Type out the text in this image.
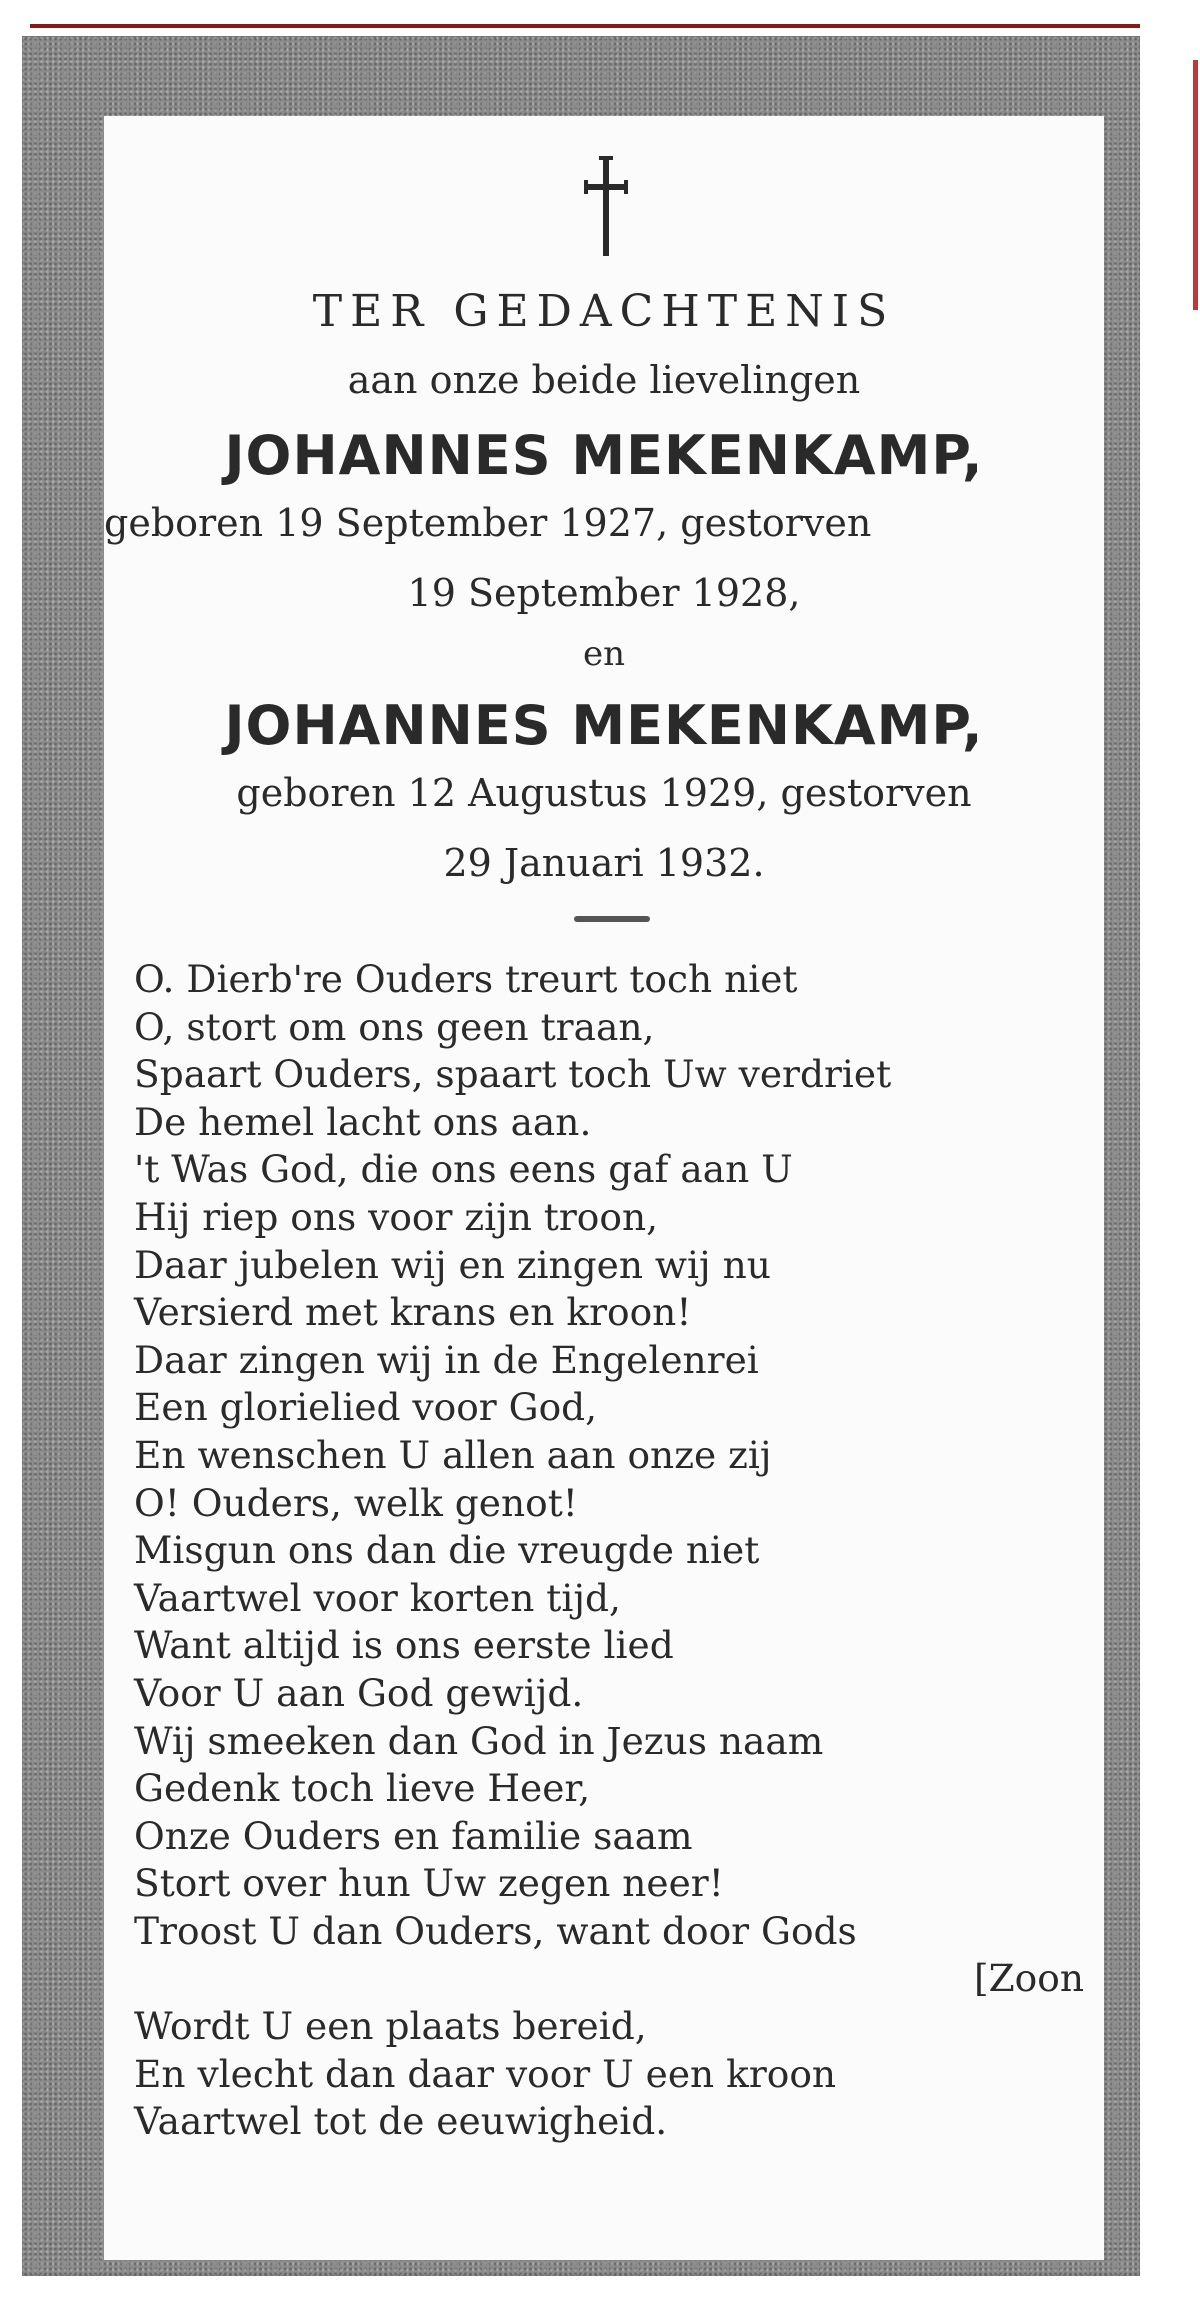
TER GEDACHTENIS
aan onze beide lievelingen
JOHANNES MEKENKAMP,
geboren 19 September 1927, gestorven
19 September 1928,
en
JOHANNES MEKENKAMP,
geboren 12 Augustus 1929, gestorven
29 Januari 1932.
O. Dierb're Ouders treurt toch niet
O, stort om ons geen traan,
Spaart Ouders, spaart toch Uw verdriet
De hemel lacht ons aan.
't Was God, die ons eens gaf aan U
Hij riep ons voor zijn troon,
Daar jubelen wij en zingen wij nu
Versierd met krans en kroon!
Daar zingen wij in de Engelenrei
Een glorielied voor God,
En wenschen U allen aan onze zij
O! Ouders, welk genot!
Misgun ons dan die vreugde niet
Vaartwel voor korten tijd,
Want altijd is ons eerste lied
Voor U aan God gewijd.
Wij smeeken dan God in Jezus naam
Gedenk toch lieve Heer,
Onze Ouders en familie saam
Stort over hun Uw zegen neer!
Troost U dan Ouders, want door Gods
[Zoon
Wordt U een plaats bereid,
En vlecht dan daar voor U een kroon
Vaartwel tot de eeuwigheid.
